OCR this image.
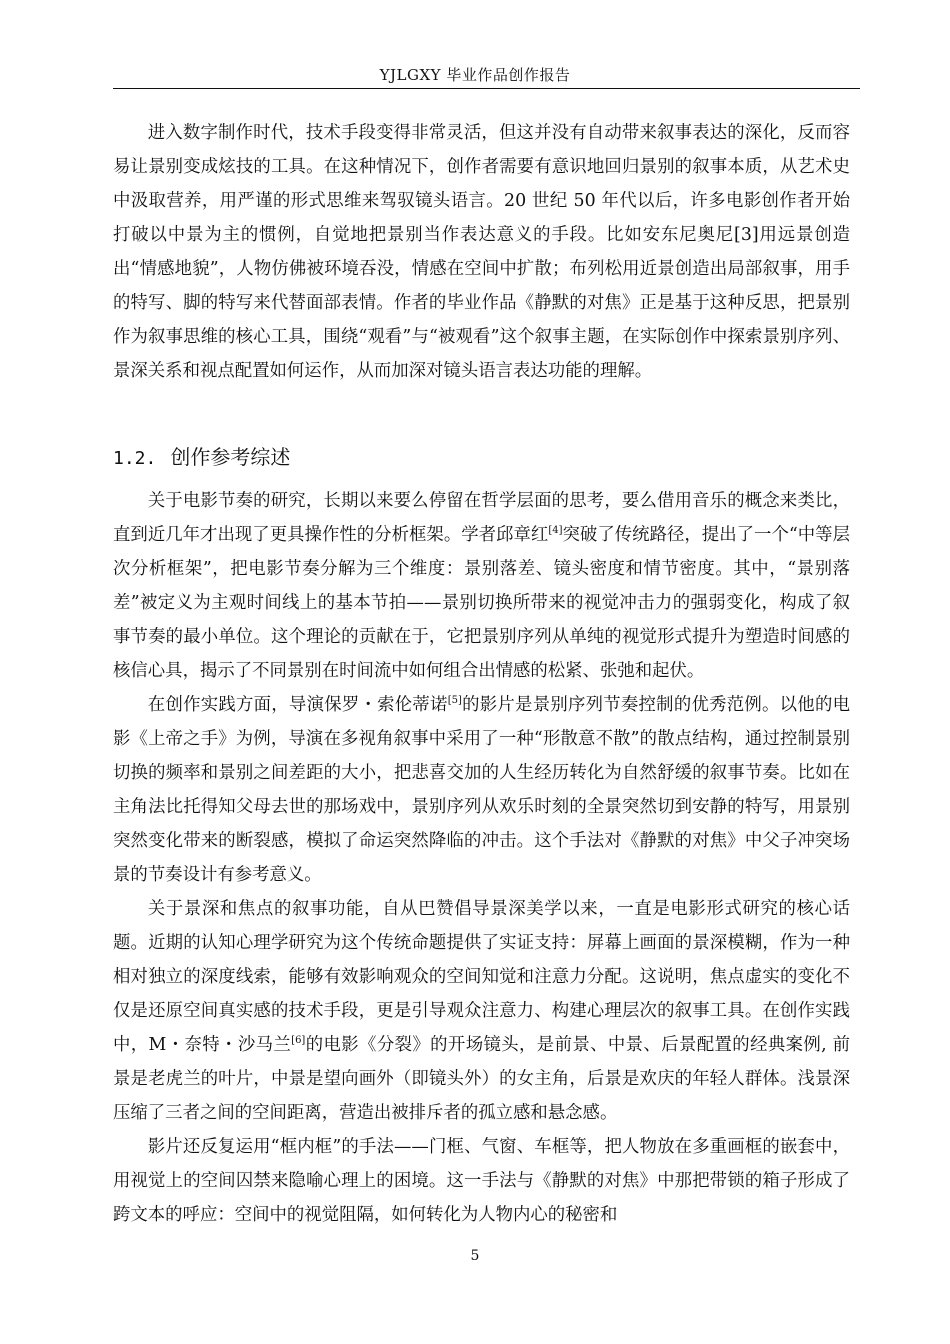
YJLGXY 毕业作品创作报告

进入数字制作时代，技术手段变得非常灵活，但这并没有自动带来叙事表达的深化，反而容易让景别变成炫技的工具。在这种情况下，创作者需要有意识地回归景别的叙事本质，从艺术史中汲取营养，用严谨的形式思维来驾驭镜头语言。20 世纪 50 年代以后，许多电影创作者开始打破以中景为主的惯例，自觉地把景别当作表达意义的手段。比如安东尼奥尼[3]用远景创造出“情感地貌”，人物仿佛被环境吞没，情感在空间中扩散；布列松用近景创造出局部叙事，用手的特写、脚的特写来代替面部表情。作者的毕业作品《静默的对焦》正是基于这种反思，把景别作为叙事思维的核心工具，围绕“观看”与“被观看”这个叙事主题，在实际创作中探索景别序列、景深关系和视点配置如何运作，从而加深对镜头语言表达功能的理解。

1.2. 创作参考综述

关于电影节奏的研究，长期以来要么停留在哲学层面的思考，要么借用音乐的概念来类比，直到近几年才出现了更具操作性的分析框架。学者邱章红[4]突破了传统路径，提出了一个“中等层次分析框架”，把电影节奏分解为三个维度：景别落差、镜头密度和情节密度。其中，“景别落差”被定义为主观时间线上的基本节拍——景别切换所带来的视觉冲击力的强弱变化，构成了叙事节奏的最小单位。这个理论的贡献在于，它把景别序列从单纯的视觉形式提升为塑造时间感的核信心具，揭示了不同景别在时间流中如何组合出情感的松紧、张弛和起伏。

在创作实践方面，导演保罗・索伦蒂诺[5]的影片是景别序列节奏控制的优秀范例。以他的电影《上帝之手》为例，导演在多视角叙事中采用了一种“形散意不散”的散点结构，通过控制景别切换的频率和景别之间差距的大小，把悲喜交加的人生经历转化为自然舒缓的叙事节奏。比如在主角法比托得知父母去世的那场戏中，景别序列从欢乐时刻的全景突然切到安静的特写，用景别突然变化带来的断裂感，模拟了命运突然降临的冲击。这个手法对《静默的对焦》中父子冲突场景的节奏设计有参考意义。

关于景深和焦点的叙事功能，自从巴赞倡导景深美学以来，一直是电影形式研究的核心话题。近期的认知心理学研究为这个传统命题提供了实证支持：屏幕上画面的景深模糊，作为一种相对独立的深度线索，能够有效影响观众的空间知觉和注意力分配。这说明，焦点虚实的变化不仅是还原空间真实感的技术手段，更是引导观众注意力、构建心理层次的叙事工具。在创作实践中，M・奈特・沙马兰[6]的电影《分裂》的开场镜头，是前景、中景、后景配置的经典案例, 前景是老虎兰的叶片，中景是望向画外（即镜头外）的女主角，后景是欢庆的年轻人群体。浅景深压缩了三者之间的空间距离，营造出被排斥者的孤立感和悬念感。

影片还反复运用“框内框”的手法——门框、气窗、车框等，把人物放在多重画框的嵌套中，用视觉上的空间囚禁来隐喻心理上的困境。这一手法与《静默的对焦》中那把带锁的箱子形成了跨文本的呼应：空间中的视觉阻隔，如何转化为人物内心的秘密和

5
